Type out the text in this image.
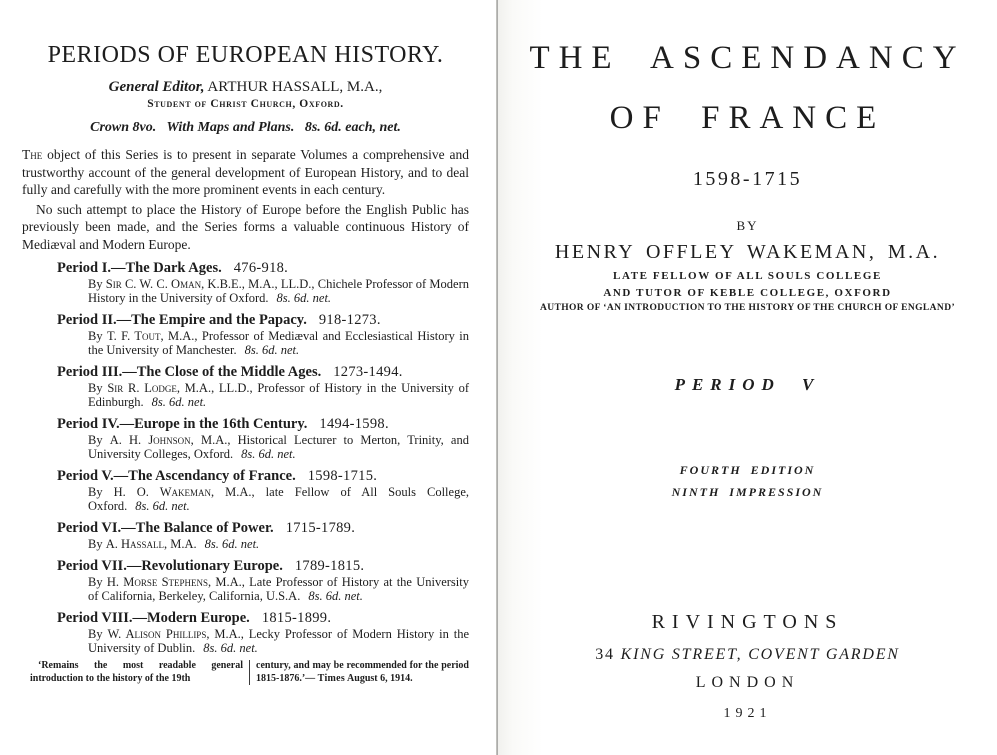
PERIODS OF EUROPEAN HISTORY.
General Editor, ARTHUR HASSALL, M.A.,
Student of Christ Church, Oxford.
Crown 8vo.  With Maps and Plans.  8s. 6d. each, net.
The object of this Series is to present in separate Volumes a comprehensive and trustworthy account of the general development of European History, and to deal fully and carefully with the more prominent events in each century.
No such attempt to place the History of Europe before the English Public has previously been made, and the Series forms a valuable continuous History of Mediæval and Modern Europe.
Period I.—The Dark Ages. 476-918.
By Sir C. W. C. Oman, K.B.E., M.A., LL.D., Chichele Professor of Modern History in the University of Oxford. 8s. 6d. net.
Period II.—The Empire and the Papacy. 918-1273.
By T. F. Tout, M.A., Professor of Mediæval and Ecclesiastical History in the University of Manchester. 8s. 6d. net.
Period III.—The Close of the Middle Ages. 1273-1494.
By Sir R. Lodge, M.A., LL.D., Professor of History in the University of Edinburgh. 8s. 6d. net.
Period IV.—Europe in the 16th Century. 1494-1598.
By A. H. Johnson, M.A., Historical Lecturer to Merton, Trinity, and University Colleges, Oxford. 8s. 6d. net.
Period V.—The Ascendancy of France. 1598-1715.
By H. O. Wakeman, M.A., late Fellow of All Souls College, Oxford. 8s. 6d. net.
Period VI.—The Balance of Power. 1715-1789.
By A. Hassall, M.A. 8s. 6d. net.
Period VII.—Revolutionary Europe. 1789-1815.
By H. Morse Stephens, M.A., Late Professor of History at the University of California, Berkeley, California, U.S.A. 8s. 6d. net.
Period VIII.—Modern Europe. 1815-1899.
By W. Alison Phillips, M.A., Lecky Professor of Modern History in the University of Dublin. 8s. 6d. net.
‘Remains the most readable general introduction to the history of the 19th
century, and may be recommended for the period 1815-1876.’— Times August 6, 1914.
THE ASCENDANCY
OF FRANCE
1598-1715
BY
HENRY OFFLEY WAKEMAN, M.A.
LATE FELLOW OF ALL SOULS COLLEGE
AND TUTOR OF KEBLE COLLEGE, OXFORD
AUTHOR OF ‘AN INTRODUCTION TO THE HISTORY OF THE CHURCH OF ENGLAND’
PERIOD V
FOURTH EDITION
NINTH IMPRESSION
RIVINGTONS
34 KING STREET, COVENT GARDEN
LONDON
1921
